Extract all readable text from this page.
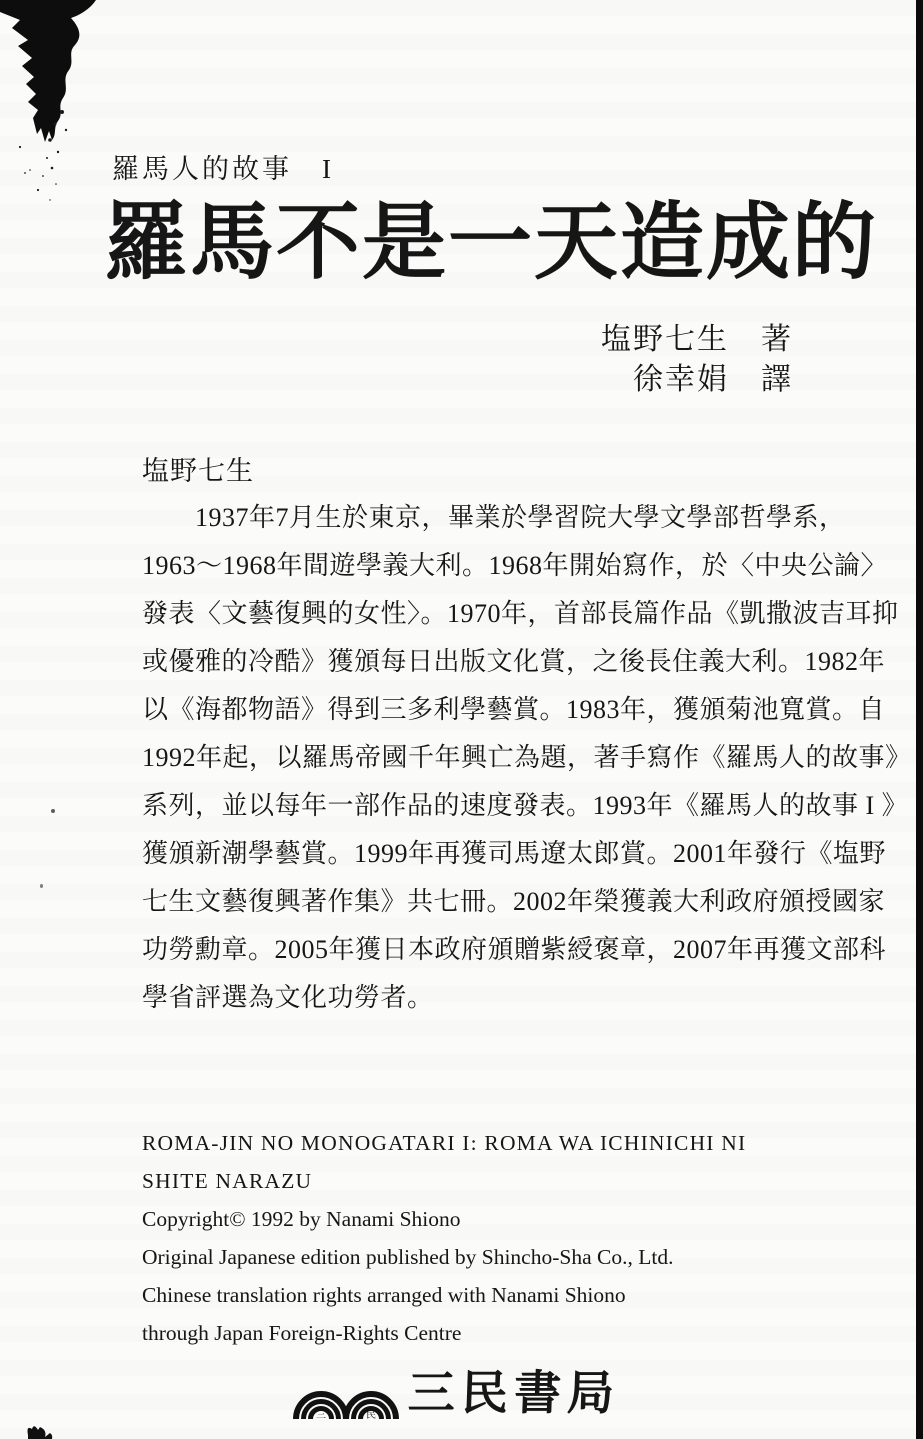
羅馬人的故事　I
羅馬不是一天造成的
塩野七生　著
徐幸娟　譯
塩野七生
　　1937年7月生於東京，畢業於學習院大學文學部哲學系，
1963～1968年間遊學義大利。1968年開始寫作，於〈中央公論〉
發表〈文藝復興的女性〉。1970年，首部長篇作品《凱撒波吉耳抑
或優雅的冷酷》獲頒每日出版文化賞，之後長住義大利。1982年
以《海都物語》得到三多利學藝賞。1983年，獲頒菊池寬賞。自
1992年起，以羅馬帝國千年興亡為題，著手寫作《羅馬人的故事》
系列，並以每年一部作品的速度發表。1993年《羅馬人的故事 I 》
獲頒新潮學藝賞。1999年再獲司馬遼太郎賞。2001年發行《塩野
七生文藝復興著作集》共七冊。2002年榮獲義大利政府頒授國家
功勞勳章。2005年獲日本政府頒贈紫綬褒章，2007年再獲文部科
學省評選為文化功勞者。
ROMA-JIN NO MONOGATARI I: ROMA WA ICHINICHI NI
SHITE NARAZU
Copyright© 1992 by Nanami Shiono
Original Japanese edition published by Shincho-Sha Co., Ltd.
Chinese translation rights arranged with Nanami Shiono
through Japan Foreign-Rights Centre
三	民 三民書局
